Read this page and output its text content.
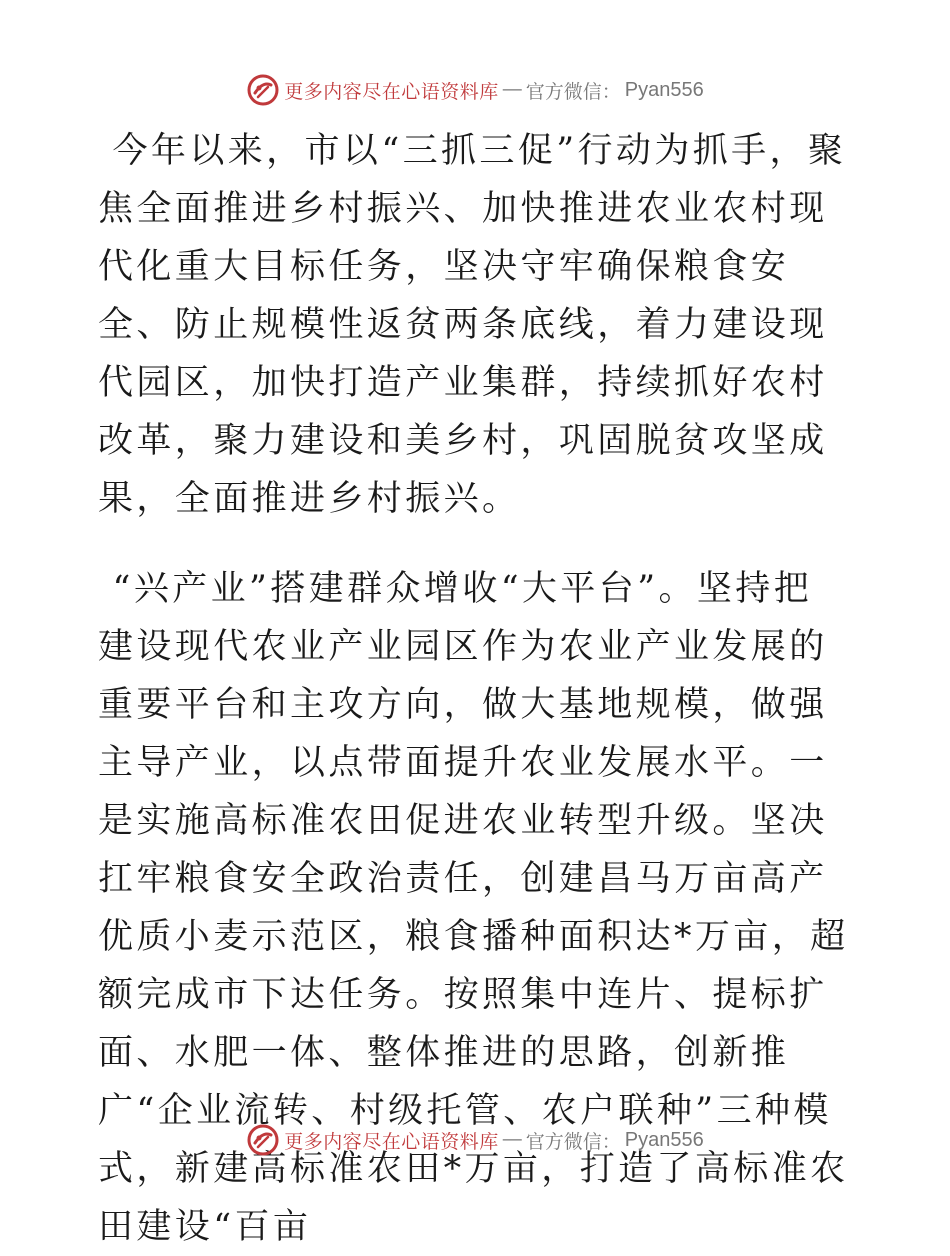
更多内容尽在心语资料库 — 官方微信： Pyan556

今年以来，市以“三抓三促”行动为抓手，聚焦全面推进乡村振兴、加快推进农业农村现代化重大目标任务，坚决守牢确保粮食安全、防止规模性返贫两条底线，着力建设现代园区，加快打造产业集群，持续抓好农村改革，聚力建设和美乡村，巩固脱贫攻坚成果，全面推进乡村振兴。

“兴产业”搭建群众增收“大平台”。坚持把建设现代农业产业园区作为农业产业发展的重要平台和主攻方向，做大基地规模，做强主导产业，以点带面提升农业发展水平。一是实施高标准农田促进农业转型升级。坚决扛牢粮食安全政治责任，创建昌马万亩高产优质小麦示范区，粮食播种面积达*万亩，超额完成市下达任务。按照集中连片、提标扩面、水肥一体、整体推进的思路，创新推广“企业流转、村级托管、农户联种”三种模式，新建高标准农田*万亩，打造了高标准农田建设“百亩

更多内容尽在心语资料库 — 官方微信： Pyan556
